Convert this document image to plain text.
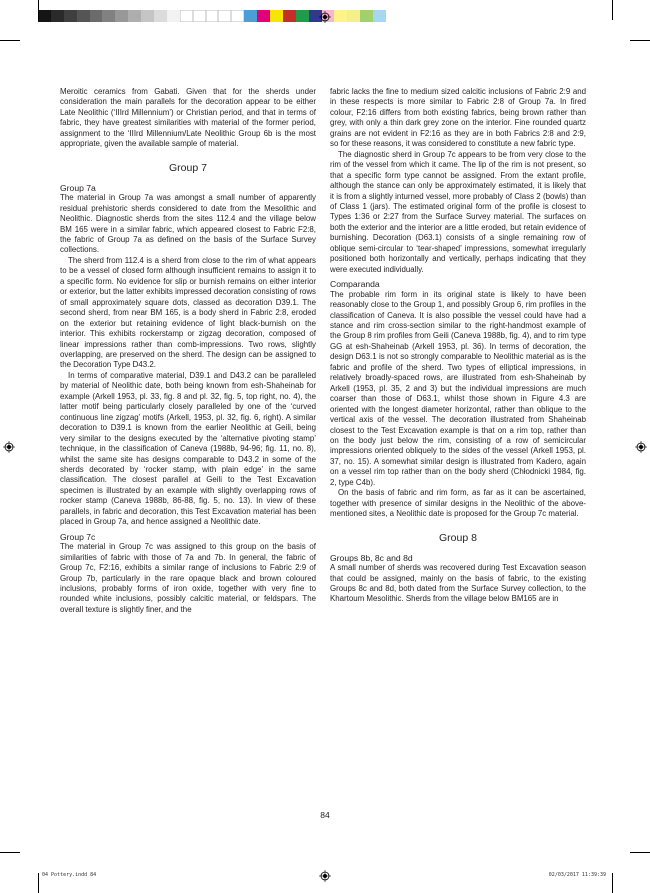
Meroitic ceramics from Gabati. Given that for the sherds under consideration the main parallels for the decoration appear to be either Late Neolithic (‘IIIrd Millennium’) or Christian period, and that in terms of fabric, they have greatest similarities with material of the former period, assignment to the ‘IIIrd Millennium/Late Neolithic Group 6b is the most appropriate, given the available sample of material.

Group 7
Group 7a

The material in Group 7a was amongst a small number of apparently residual prehistoric sherds considered to date from the Mesolithic and Neolithic. Diagnostic sherds from the sites 112.4 and the village below BM 165 were in a similar fabric, which appeared closest to Fabric F2:8, the fabric of Group 7a as defined on the basis of the Surface Survey collections.

The sherd from 112.4 is a sherd from close to the rim of what appears to be a vessel of closed form although insufficient remains to assign it to a specific form. No evidence for slip or burnish remains on either interior or exterior, but the latter exhibits impressed decoration consisting of rows of small approximately square dots, classed as decoration D39.1. The second sherd, from near BM 165, is a body sherd in Fabric 2:8, eroded on the exterior but retaining evidence of light black-burnish on the interior. This exhibits rockerstamp or zigzag decoration, composed of linear impressions rather than comb-impressions. Two rows, slightly overlapping, are preserved on the sherd. The design can be assigned to the Decoration Type D43.2.

In terms of comparative material, D39.1 and D43.2 can be paralleled by material of Neolithic date, both being known from esh-Shaheinab for example (Arkell 1953, pl. 33, fig. 8 and pl. 32, fig. 5, top right, no. 4), the latter motif being particularly closely paralleled by one of the ‘curved continuous line zigzag’ motifs (Arkell, 1953, pl. 32, fig. 6, right). A similar decoration to D39.1 is known from the earlier Neolithic at Geili, being very similar to the designs executed by the ‘alternative pivoting stamp’ technique, in the classification of Caneva (1988b, 94-96; fig. 11, no. 8), whilst the same site has designs comparable to D43.2 in some of the sherds decorated by ‘rocker stamp, with plain edge’ in the same classification. The closest parallel at Geili to the Test Excavation specimen is illustrated by an example with slightly overlapping rows of rocker stamp (Caneva 1988b, 86-88, fig. 5, no. 13). In view of these parallels, in fabric and decoration, this Test Excavation material has been placed in Group 7a, and hence assigned a Neolithic date.

Group 7c

The material in Group 7c was assigned to this group on the basis of similarities of fabric with those of 7a and 7b. In general, the fabric of Group 7c, F2:16, exhibits a similar range of inclusions to Fabric 2:9 of Group 7b, particularly in the rare opaque black and brown coloured inclusions, probably forms of iron oxide, together with very fine to rounded white inclusions, possibly calcitic material, or feldspars. The overall texture is slightly finer, and the

fabric lacks the fine to medium sized calcitic inclusions of Fabric 2:9 and in these respects is more similar to Fabric 2:8 of Group 7a. In fired colour, F2:16 differs from both existing fabrics, being brown rather than grey, with only a thin dark grey zone on the interior. Fine rounded quartz grains are not evident in F2:16 as they are in both Fabrics 2:8 and 2:9, so for these reasons, it was considered to constitute a new fabric type.

The diagnostic sherd in Group 7c appears to be from very close to the rim of the vessel from which it came. The lip of the rim is not present, so that a specific form type cannot be assigned. From the extant profile, although the stance can only be approximately estimated, it is likely that it is from a slightly inturned vessel, more probably of Class 2 (bowls) than of Class 1 (jars). The estimated original form of the profile is closest to Types 1:36 or 2:27 from the Surface Survey material. The surfaces on both the exterior and the interior are a little eroded, but retain evidence of burnishing. Decoration (D63.1) consists of a single remaining row of oblique semi-circular to ‘tear-shaped’ impressions, somewhat irregularly positioned both horizontally and vertically, perhaps indicating that they were executed individually.

Comparanda

The probable rim form in its original state is likely to have been reasonably close to the Group 1, and possibly Group 6, rim profiles in the classification of Caneva. It is also possible the vessel could have had a stance and rim cross-section similar to the right-handmost example of the Group 8 rim profiles from Geili (Caneva 1988b, fig. 4), and to rim type GG at esh-Shaheinab (Arkell 1953, pl. 36). In terms of decoration, the design D63.1 is not so strongly comparable to Neolithic material as is the fabric and profile of the sherd. Two types of elliptical impressions, in relatively broadly-spaced rows, are illustrated from esh-Shaheinab by Arkell (1953, pl. 35, 2 and 3) but the individual impressions are much coarser than those of D63.1, whilst those shown in Figure 4.3 are oriented with the longest diameter horizontal, rather than oblique to the vertical axis of the vessel. The decoration illustrated from Shaheinab closest to the Test Excavation example is that on a rim top, rather than on the body just below the rim, consisting of a row of semicircular impressions oriented obliquely to the sides of the vessel (Arkell 1953, pl. 37, no. 15). A somewhat similar design is illustrated from Kadero, again on a vessel rim top rather than on the body sherd (Chłodnicki 1984, fig. 2, type C4b).

On the basis of fabric and rim form, as far as it can be ascertained, together with presence of similar designs in the Neolithic of the above-mentioned sites, a Neolithic date is proposed for the Group 7c material.

Group 8
Groups 8b, 8c and 8d

A small number of sherds was recovered during Test Excavation season that could be assigned, mainly on the basis of fabric, to the existing Groups 8c and 8d, both dated from the Surface Survey collection, to the Khartoum Mesolithic. Sherds from the village below BM165 are in

84
04 Pottery.indd 84	02/03/2017 11:39:39
